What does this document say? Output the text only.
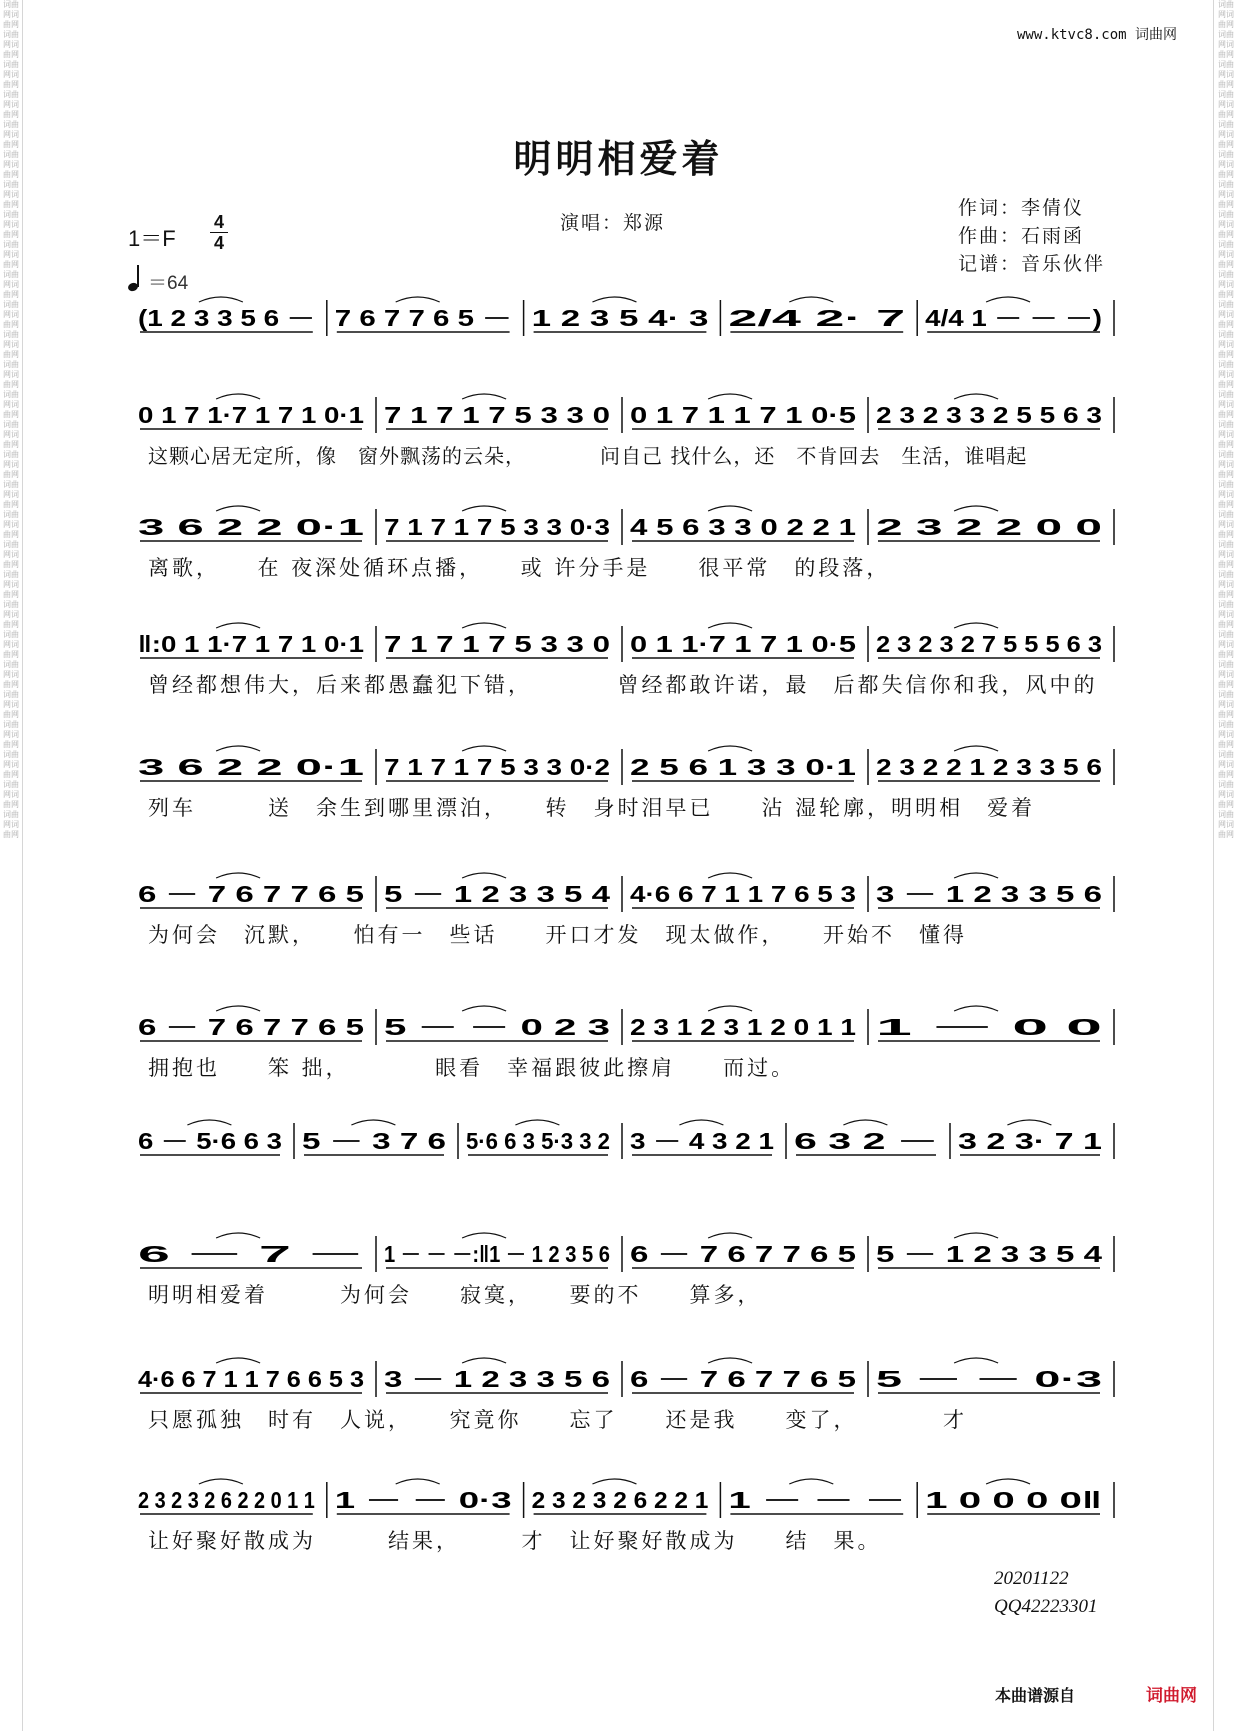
词曲网词曲网词曲网词曲网词曲网词曲网词曲网词曲网词曲网词曲网词曲网词曲网词曲网词曲网词曲网词曲网词曲网词曲网词曲网词曲网词曲网词曲网词曲网词曲网词曲网词曲网词曲网词曲网词曲网词曲网词曲网词曲网词曲网词曲网词曲网词曲网词曲网词曲网词曲网词曲网词曲网词曲网词曲网词曲网词曲网词曲网词曲网词曲网词曲网词曲网词曲网词曲网词曲网词曲网词曲网词曲网
词曲网词曲网词曲网词曲网词曲网词曲网词曲网词曲网词曲网词曲网词曲网词曲网词曲网词曲网词曲网词曲网词曲网词曲网词曲网词曲网词曲网词曲网词曲网词曲网词曲网词曲网词曲网词曲网词曲网词曲网词曲网词曲网词曲网词曲网词曲网词曲网词曲网词曲网词曲网词曲网词曲网词曲网词曲网词曲网词曲网词曲网词曲网词曲网词曲网词曲网词曲网词曲网词曲网词曲网词曲网词曲网
www.ktvc8.com 词曲网
明明相爱着
演唱：郑源
作词：李倩仪
作曲：石雨函
记谱：音乐伙伴
1＝F
4
4
＝64
(1 2 3 3 5 6 － 7 6 7 7 6 5 － 1 2 3 5 4· 3 2/4 2· 7 4/4 1 － － －)
0 1 7 1·7 1 7 1 0·1 7 1 7 1 7 5 3 3 0 0 1 7 1 1 7 1 0·5 2 3 2 3 3 2 5 5 6 3
这颗心居无定所，像　窗外飘荡的云朵，　　　　问自己 找什么，还　不肯回去　生活，谁唱起
3 6 2 2 0·1 7 1 7 1 7 5 3 3 0·3 4 5 6 3 3 0 2 2 1 2 3 2 2 0 0
离歌，　　在 夜深处循环点播，　　或 许分手是　　很平常　的段落，
‖:0 1 1·7 1 7 1 0·1 7 1 7 1 7 5 3 3 0 0 1 1·7 1 7 1 0·5 2 3 2 3 2 7 5 5 5 6 3
曾经都想伟大，后来都愚蠢犯下错，　　　　曾经都敢许诺，最　后都失信你和我，风中的
3 6 2 2 0·1 7 1 7 1 7 5 3 3 0·2 2 5 6 1 3 3 0·1 2 3 2 2 1 2 3 3 5 6
列车　　　送　余生到哪里漂泊，　　转　身时泪早已　　沾 湿轮廓，明明相　爱着
6 － 7 6 7 7 6 5 5 － 1 2 3 3 5 4 4·6 6 7 1 1 7 6 5 3 3 － 1 2 3 3 5 6
为何会　沉默，　　怕有一　些话　　开口才发　现太做作，　　开始不　懂得
6 － 7 6 7 7 6 5 5 － － 0 2 3 2 3 1 2 3 1 2 0 1 1 1 － 0 0
拥抱也　　笨 拙，　　　　眼看　幸福跟彼此擦肩　　而过。
6 － 5·6 6 3 5 － 3 7 6 5·6 6 3 5·3 3 2 3 － 4 3 2 1 6 3 2 － 3 2 3· 7 1
6 － 7 － 1 － － －:‖1 － 1 2 3 5 6 6 － 7 6 7 7 6 5 5 － 1 2 3 3 5 4
明明相爱着　　　为何会　　寂寞，　　要的不　　算多，
4·6 6 7 1 1 7 6 6 5 3 3 － 1 2 3 3 5 6 6 － 7 6 7 7 6 5 5 － － 0·3
只愿孤独　时有　人说，　　究竟你　　忘了　　还是我　　变了，　　　　才
2 3 2 3 2 6 2 2 0 1 1 1 － － 0·3 2 3 2 3 2 6 2 2 1 1 － － － 1 0 0 0 0‖
让好聚好散成为　　　结果，　　　才　让好聚好散成为　　结　果。
20201122
QQ42223301
本曲谱源自	词曲网
